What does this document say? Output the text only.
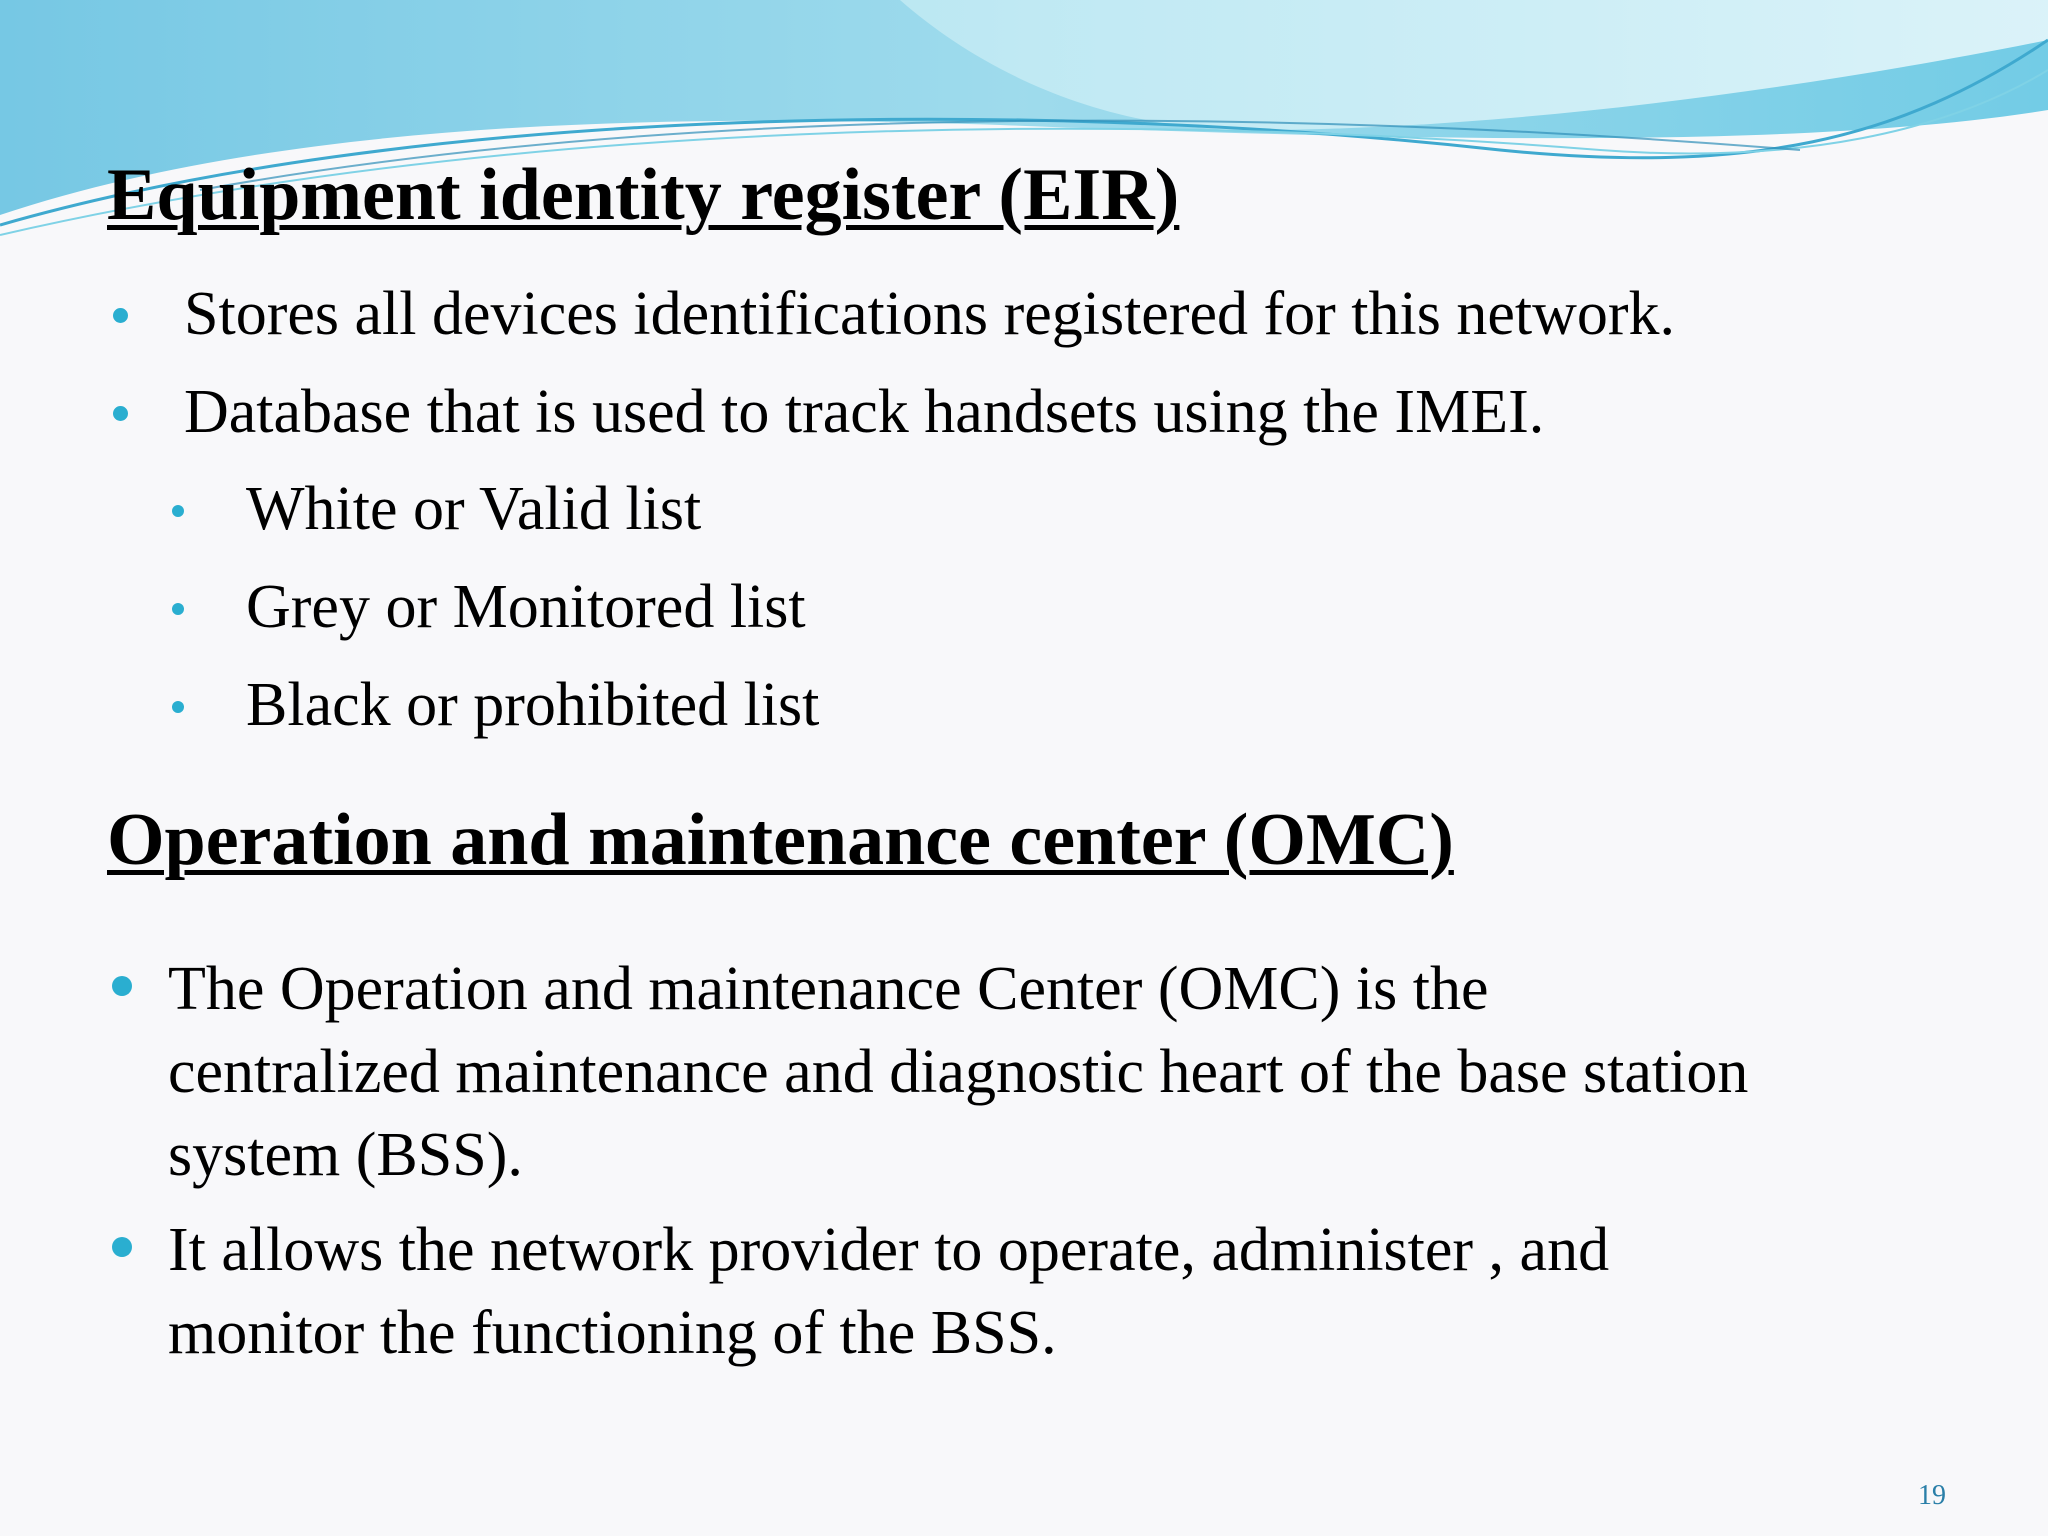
Equipment identity register (EIR)
Stores all devices identifications registered for this network.
Database that is used to track handsets using the IMEI.
White or Valid list
Grey or Monitored list
Black or prohibited list
Operation and maintenance center (OMC)
The Operation and maintenance Center (OMC) is the
centralized maintenance and diagnostic heart of the base station
system (BSS).
It allows the network provider to operate, administer , and
monitor the functioning of the BSS.
19
